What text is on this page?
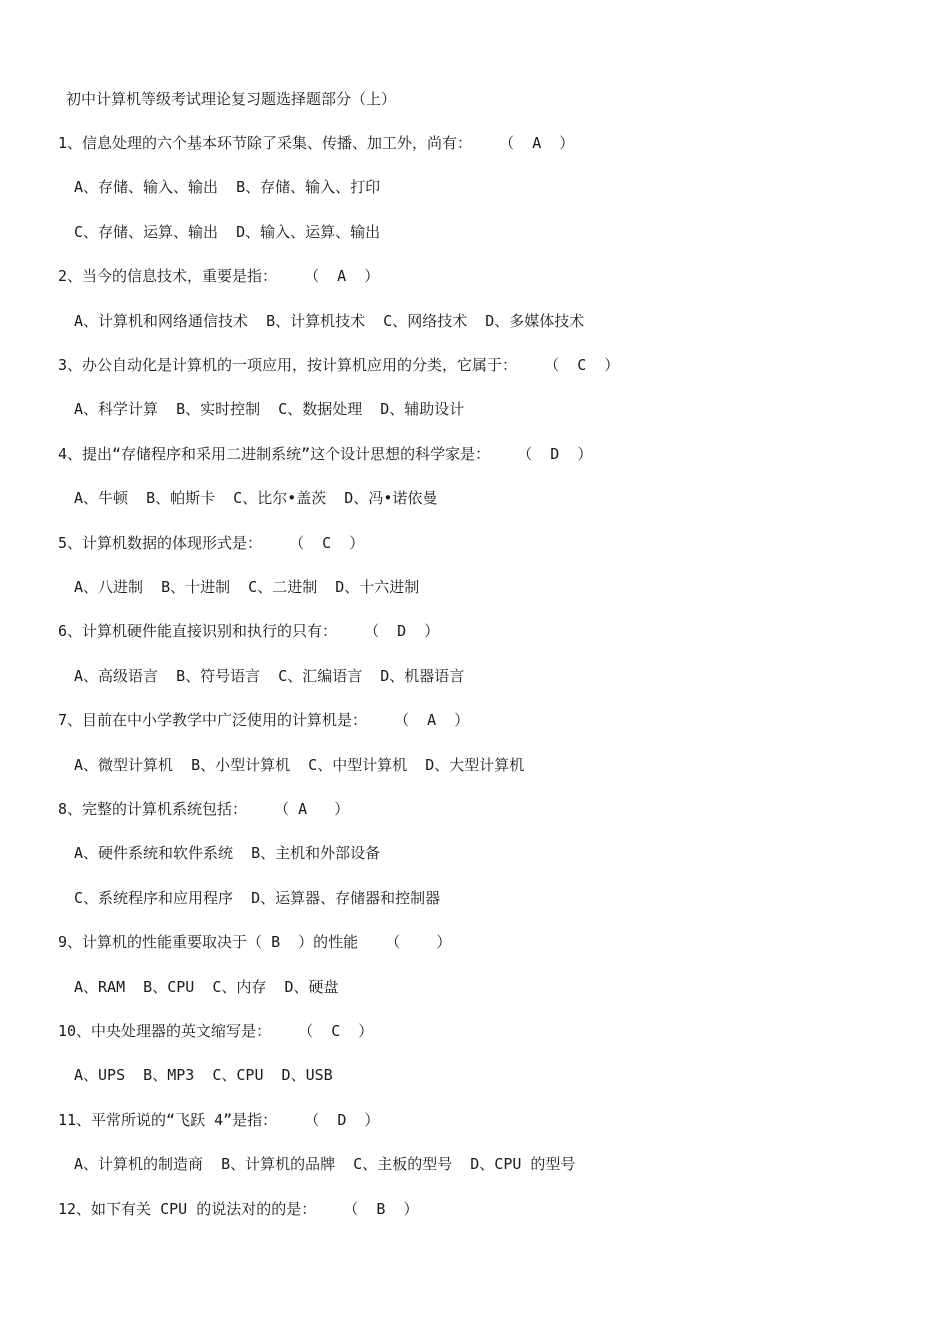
初中计算机等级考试理论复习题选择题部分（上）
1、信息处理的六个基本环节除了采集、传播、加工外，尚有：   （  A  ）
A、存储、输入、输出  B、存储、输入、打印
C、存储、运算、输出  D、输入、运算、输出
2、当今的信息技术，重要是指：   （  A  ）
A、计算机和网络通信技术  B、计算机技术  C、网络技术  D、多媒体技术
3、办公自动化是计算机的一项应用，按计算机应用的分类，它属于：   （  C  ）
A、科学计算  B、实时控制  C、数据处理  D、辅助设计
4、提出“存储程序和采用二进制系统”这个设计思想的科学家是：   （  D  ）
A、牛顿  B、帕斯卡  C、比尔•盖茨  D、冯•诺依曼
5、计算机数据的体现形式是：   （  C  ）
A、八进制  B、十进制  C、二进制  D、十六进制
6、计算机硬件能直接识别和执行的只有：   （  D  ）
A、高级语言  B、符号语言  C、汇编语言  D、机器语言
7、目前在中小学教学中广泛使用的计算机是：   （  A  ）
A、微型计算机  B、小型计算机  C、中型计算机  D、大型计算机
8、完整的计算机系统包括：   （ A   ）
A、硬件系统和软件系统  B、主机和外部设备
C、系统程序和应用程序  D、运算器、存储器和控制器
9、计算机的性能重要取决于（ B  ）的性能   （    ）
A、RAM  B、CPU  C、内存  D、硬盘
10、中央处理器的英文缩写是：   （  C  ）
A、UPS  B、MP3  C、CPU  D、USB
11、平常所说的“飞跃 4”是指：   （  D  ）
A、计算机的制造商  B、计算机的品牌  C、主板的型号  D、CPU 的型号
12、如下有关 CPU 的说法对的的是：   （  B  ）
